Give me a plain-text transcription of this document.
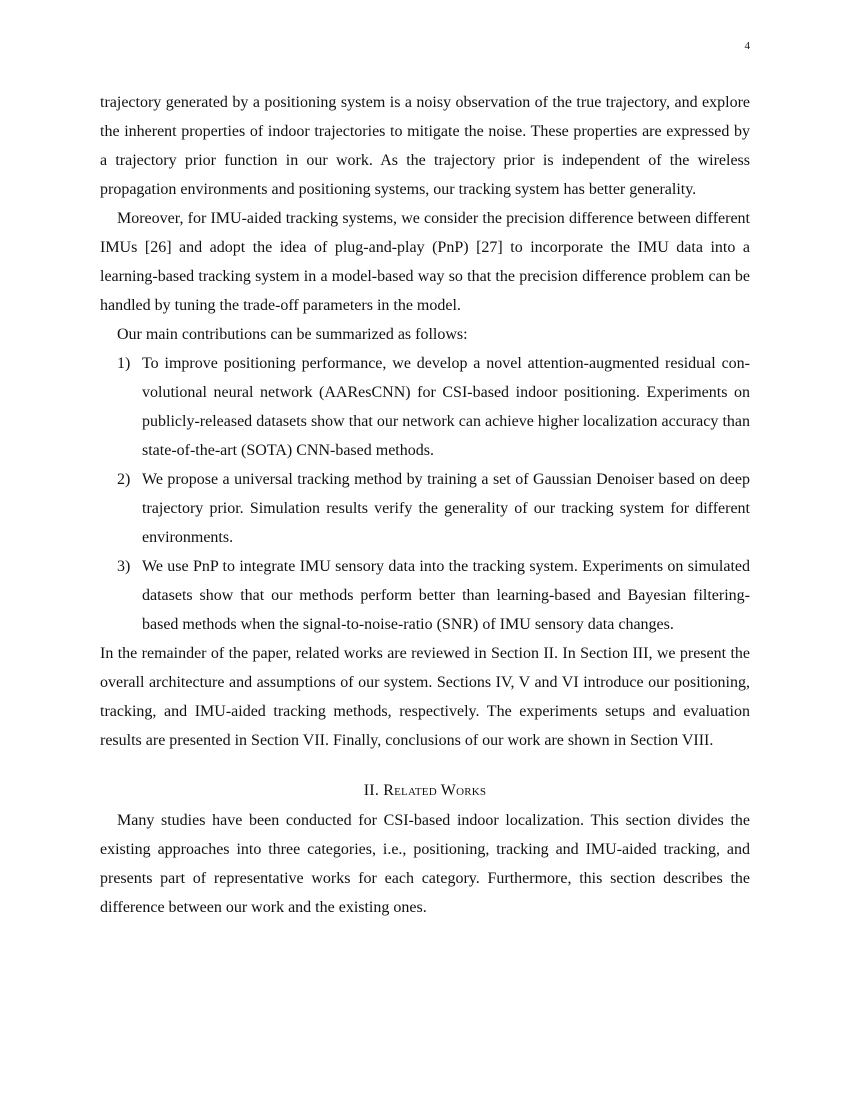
4

trajectory generated by a positioning system is a noisy observation of the true trajectory, and explore the inherent properties of indoor trajectories to mitigate the noise. These properties are expressed by a trajectory prior function in our work. As the trajectory prior is independent of the wireless propagation environments and positioning systems, our tracking system has better generality.

Moreover, for IMU-aided tracking systems, we consider the precision difference between different IMUs [26] and adopt the idea of plug-and-play (PnP) [27] to incorporate the IMU data into a learning-based tracking system in a model-based way so that the precision difference problem can be handled by tuning the trade-off parameters in the model.

Our main contributions can be summarized as follows:

1) To improve positioning performance, we develop a novel attention-augmented residual con-volutional neural network (AAResCNN) for CSI-based indoor positioning. Experiments on publicly-released datasets show that our network can achieve higher localization accuracy than state-of-the-art (SOTA) CNN-based methods.
2) We propose a universal tracking method by training a set of Gaussian Denoiser based on deep trajectory prior. Simulation results verify the generality of our tracking system for different environments.
3) We use PnP to integrate IMU sensory data into the tracking system. Experiments on simulated datasets show that our methods perform better than learning-based and Bayesian filtering-based methods when the signal-to-noise-ratio (SNR) of IMU sensory data changes.

In the remainder of the paper, related works are reviewed in Section II. In Section III, we present the overall architecture and assumptions of our system. Sections IV, V and VI introduce our positioning, tracking, and IMU-aided tracking methods, respectively. The experiments setups and evaluation results are presented in Section VII. Finally, conclusions of our work are shown in Section VIII.

II. Related Works

Many studies have been conducted for CSI-based indoor localization. This section divides the existing approaches into three categories, i.e., positioning, tracking and IMU-aided tracking, and presents part of representative works for each category. Furthermore, this section describes the difference between our work and the existing ones.
